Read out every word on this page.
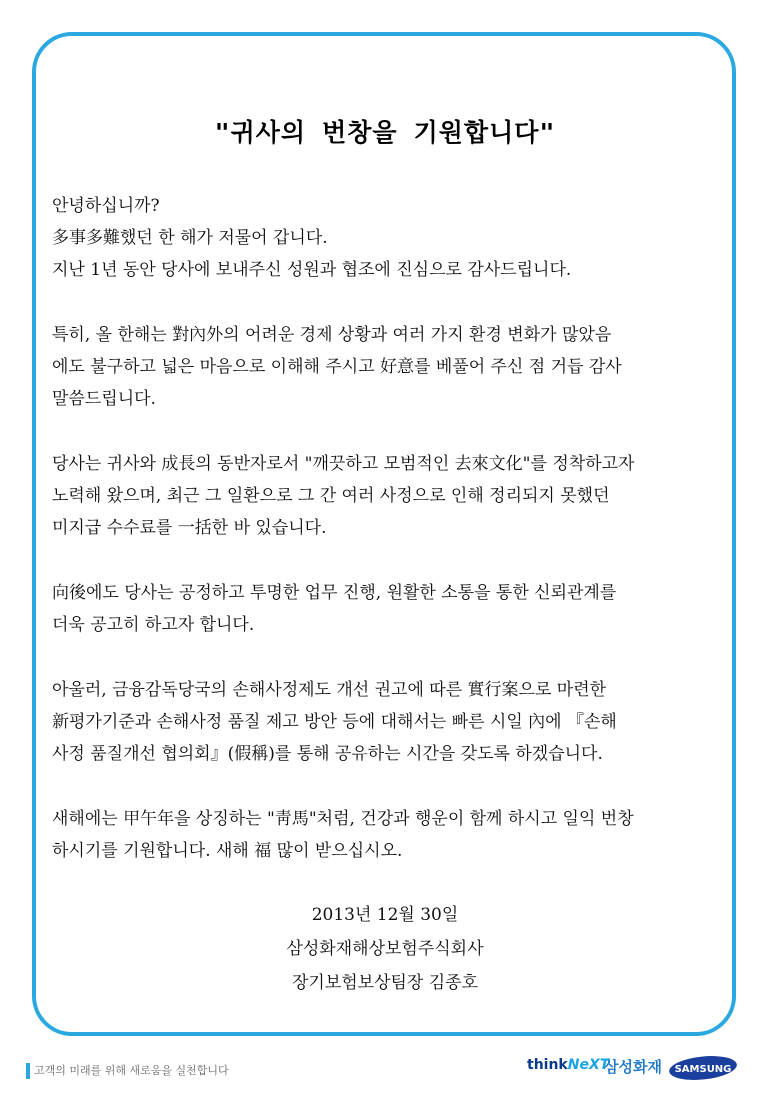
"귀사의 번창을 기원합니다"
안녕하십니까?
多事多難했던 한 해가 저물어 갑니다.
지난 1년 동안 당사에 보내주신 성원과 협조에 진심으로 감사드립니다.
특히, 올 한해는 對內外의 어려운 경제 상황과 여러 가지 환경 변화가 많았음
에도 불구하고 넓은 마음으로 이해해 주시고 好意를 베풀어 주신 점 거듭 감사
말씀드립니다.
당사는 귀사와 成長의 동반자로서 "깨끗하고 모범적인 去來文化"를 정착하고자
노력해 왔으며, 최근 그 일환으로 그 간 여러 사정으로 인해 정리되지 못했던
미지급 수수료를 一括한 바 있습니다.
向後에도 당사는 공정하고 투명한 업무 진행, 원활한 소통을 통한 신뢰관계를
더욱 공고히 하고자 합니다.
아울러, 금융감독당국의 손해사정제도 개선 권고에 따른 實行案으로 마련한
新평가기준과 손해사정 품질 제고 방안 등에 대해서는 빠른 시일 內에 『손해
사정 품질개선 협의회』(假稱)를 통해 공유하는 시간을 갖도록 하겠습니다.
새해에는 甲午年을 상징하는 "靑馬"처럼, 건강과 행운이 함께 하시고 일익 번창
하시기를 기원합니다. 새해 福 많이 받으십시오.
2013년 12월 30일
삼성화재해상보험주식회사
장기보험보상팀장 김종호
고객의 미래를 위해 새로움을 실천합니다	thinkNeXT
삼성화재 SAMSUNG
